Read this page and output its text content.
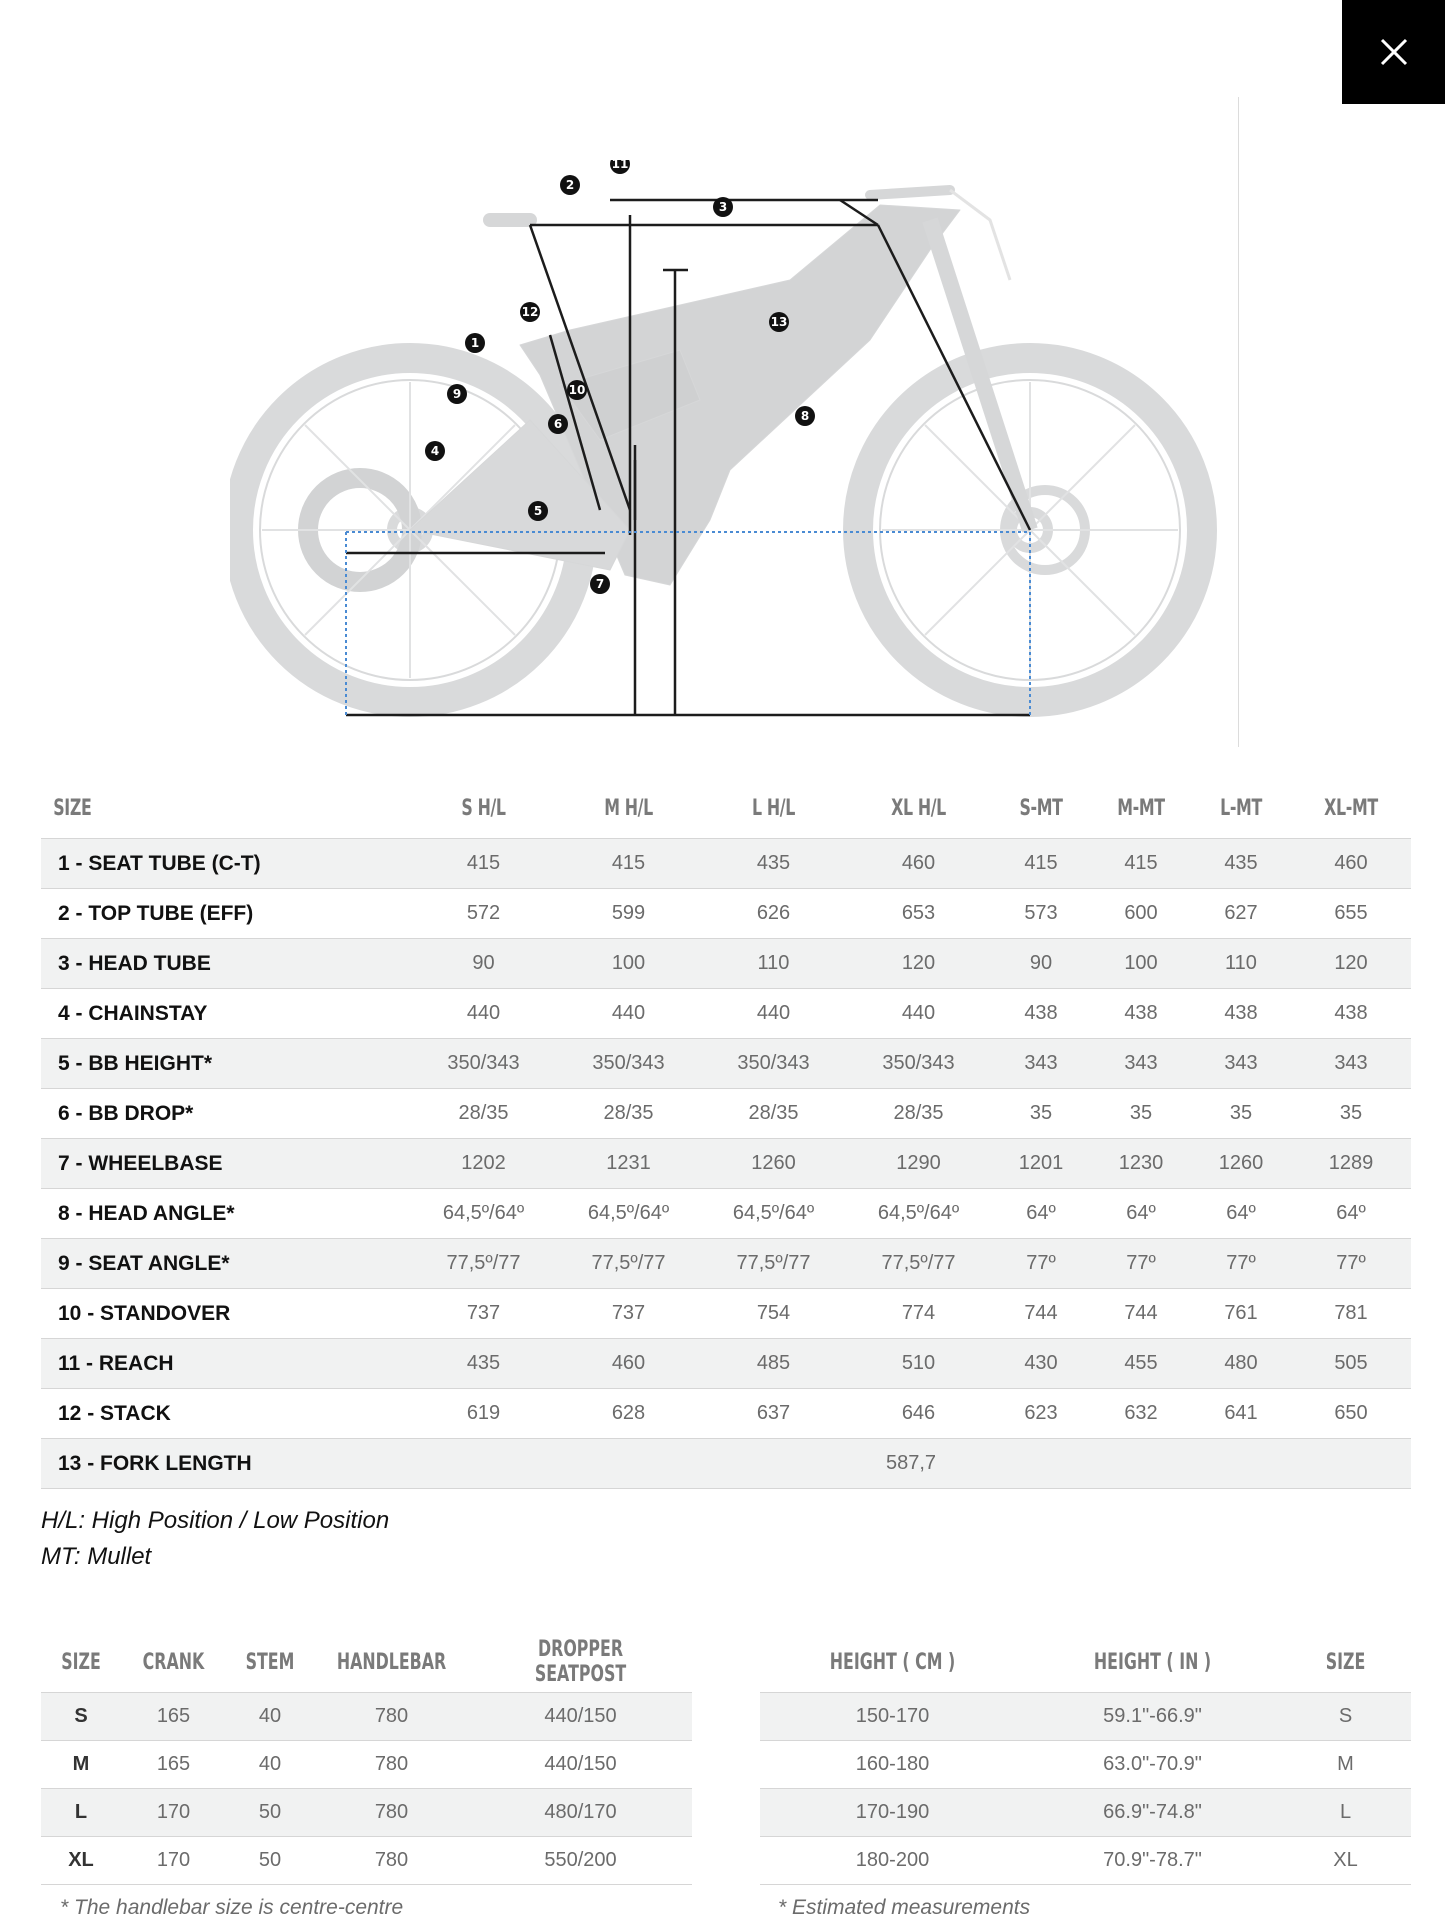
1
2
3
4
5
6
7
8
9	10
11
12
13
SIZE	S H/L	M H/L	L H/L	XL H/L	S-MT	M-MT	L-MT	XL-MT
1 - SEAT TUBE (C-T)	415	415	435	460	415	415	435	460
2 - TOP TUBE (EFF)	572	599	626	653	573	600	627	655
3 - HEAD TUBE	90	100	110	120	90	100	110	120
4 - CHAINSTAY	440	440	440	440	438	438	438	438
5 - BB HEIGHT*	350/343	350/343	350/343	350/343	343	343	343	343
6 - BB DROP*	28/35	28/35	28/35	28/35	35	35	35	35
7 - WHEELBASE	1202	1231	1260	1290	1201	1230	1260	1289
8 - HEAD ANGLE*	64,5º/64º	64,5º/64º	64,5º/64º	64,5º/64º	64º	64º	64º	64º
9 - SEAT ANGLE*	77,5º/77	77,5º/77	77,5º/77	77,5º/77	77º	77º	77º	77º
10 - STANDOVER	737	737	754	774	744	744	761	781
11 - REACH	435	460	485	510	430	455	480	505
12 - STACK	619	628	637	646	623	632	641	650
13 - FORK LENGTH	587,7							
H/L: High Position / Low Position
MT: Mullet
SIZE	CRANK	STEM	HANDLEBAR	DROPPER SEATPOST
S	165	40	780	440/150
M	165	40	780	440/150
L	170	50	780	480/170
XL	170	50	780	550/200
HEIGHT ( CM )	HEIGHT ( IN )	SIZE
150-170	59.1"-66.9"	S
160-180	63.0"-70.9"	M
170-190	66.9"-74.8"	L
180-200	70.9"-78.7"	XL
* The handlebar size is centre-centre	* Estimated measurements
